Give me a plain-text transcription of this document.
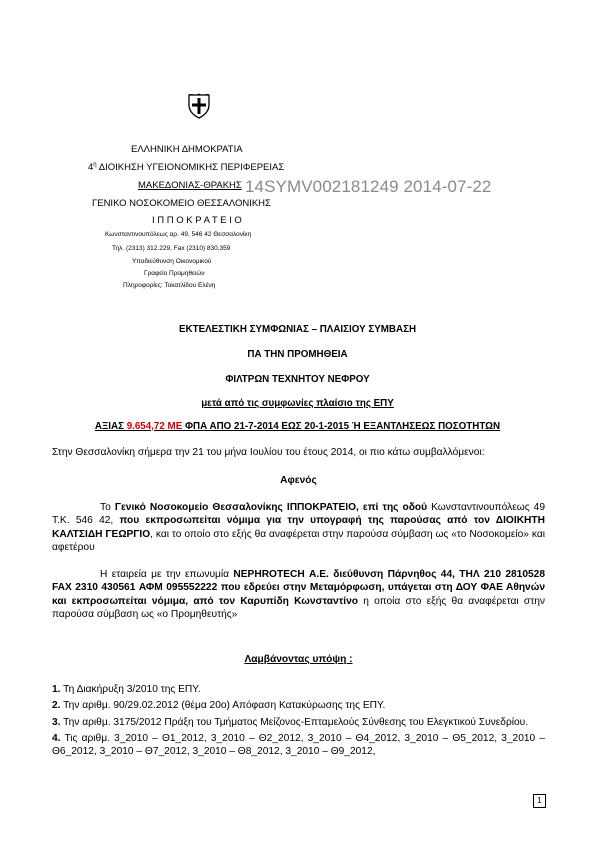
ΕΛΛΗΝΙΚΗ ΔΗΜΟΚΡΑΤΙΑ
$4^\eta$ ΔΙΟΙΚΗΣΗ ΥΓΕΙΟΝΟΜΙΚΗΣ ΠΕΡΙΦΕΡΕΙΑΣ
ΜΑΚΕΔΟΝΙΑΣ-ΘΡΑΚΗΣ 14SYMV002181249 2014-07-22
ΓΕΝΙΚΟ ΝΟΣΟΚΟΜΕΙΟ ΘΕΣΣΑΛΟΝΙΚΗΣ
Ι Π Π Ο Κ Ρ Α Τ Ε Ι Ο
Κωνσταντινουπόλεως αρ. 49, 546 42 Θεσσαλονίκη
Τηλ. (2313) 312.229, Fax (2310) 830.359
Υποδιεύθυνση Οικονομικού
Γραφείο Προμηθειών
Πληροφορίες: Τοκατλίδου Ελένη
ΕΚΤΕΛΕΣΤΙΚΗ ΣΥΜΦΩΝΙΑΣ – ΠΛΑΙΣΙΟΥ ΣΥΜΒΑΣΗ
ΠΑ ΤΗΝ ΠΡΟΜΗΘΕΙΑ
ΦΙΛΤΡΩΝ ΤΕΧΝΗΤΟΥ ΝΕΦΡΟΥ
μετά από τις συμφωνίες πλαίσιο της ΕΠΥ
ΑΞΙΑΣ 9.654,72 ΜΕ ΦΠΑ ΑΠΟ 21-7-2014 ΕΩΣ 20-1-2015 Ή ΕΞΑΝΤΛΗΣΕΩΣ ΠΟΣΟΤΗΤΩΝ
Στην Θεσσαλονίκη σήμερα την 21 του μήνα Ιουλίου του έτους 2014, οι πιο κάτω συμβαλλόμενοι:
Αφενός

Το Γενικό Νοσοκομείο Θεσσαλονίκης ΙΠΠΟΚΡΑΤΕΙΟ, επί της οδού Κωνσταντινουπόλεως 49 Τ.Κ. 546 42, που εκπροσωπείται νόμιμα για την υπογραφή της παρούσας από τον ΔΙΟΙΚΗΤΗ ΚΑΛΤΣΙΔΗ ΓΕΩΡΓΙΟ, και το οποίο στο εξής θα αναφέρεται στην παρούσα σύμβαση ως «το Νοσοκομείο» και αφετέρου

Η εταιρεία με την επωνυμία NEPHROTECH Α.Ε. διεύθυνση Πάρνηθος 44, ΤΗΛ 210 2810528 FAX 2310 430561 ΑΦΜ 095552222 που εδρεύει στην Μεταμόρφωση, υπάγεται στη ΔΟΥ ΦΑΕ Αθηνών και εκπροσωπείται νόμιμα, από τον Καρυπίδη Κωνσταντίνο η οποία στο εξής θα αναφέρεται στην παρούσα σύμβαση ως «ο Προμηθευτής»

Λαμβάνοντας υπόψη :
1. Τη Διακήρυξη 3/2010 της ΕΠΥ.
2. Την αριθμ. 90/29.02.2012 (θέμα 20ο) Απόφαση Κατακύρωσης της ΕΠΥ.
3. Την αριθμ. 3175/2012 Πράξη του Τμήματος Μείζονος-Επταμελούς Σύνθεσης του Ελεγκτικού Συνεδρίου.
4. Τις αριθμ. 3_2010 – Θ1_2012, 3_2010 – Θ2_2012, 3_2010 – Θ4_2012, 3_2010 – Θ5_2012, 3_2010 – Θ6_2012, 3_2010 – Θ7_2012, 3_2010 – Θ8_2012, 3_2010 – Θ9_2012,
1
